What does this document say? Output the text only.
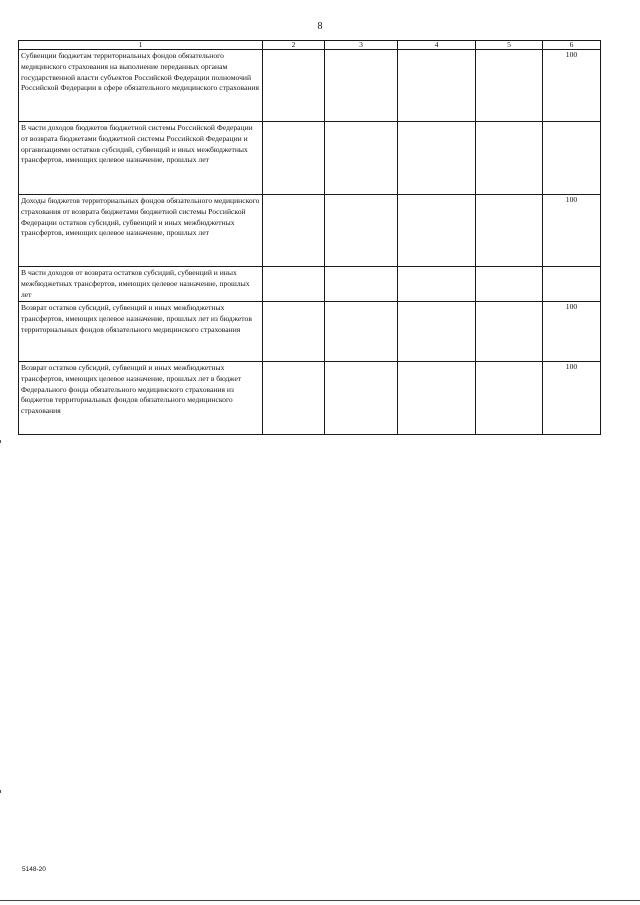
8
1	2	3	4	5	6
Субвенции бюджетам территориальных фондов обязательного медицинского страхования на выполнение переданных органам государственной власти субъектов Российской Федерации полномочий Российской Федерации в сфере обязательного медицинского страхования					100
В части доходов бюджетов бюджетной системы Российской Федерации от возврата бюджетами бюджетной системы Российской Федерации и организациями остатков субсидий, субвенций и иных межбюджетных трансфертов, имеющих целевое назначение, прошлых лет					
Доходы бюджетов территориальных фондов обязательного медицинского страхования от возврата бюджетами бюджетной системы Российской Федерации остатков субсидий, субвенций и иных межбюджетных трансфертов, имеющих целевое назначение, прошлых лет					100
В части доходов от возврата остатков субсидий, субвенций и иных межбюджетных трансфертов, имеющих целевое назначение, прошлых лет					
Возврат остатков субсидий, субвенций и иных межбюджетных трансфертов, имеющих целевое назначение, прошлых лет из бюджетов территориальных фондов обязательного медицинского страхования					100
Возврат остатков субсидий, субвенций и иных межбюджетных трансфертов, имеющих целевое назначение, прошлых лет в бюджет Федерального фонда обязательного медицинского страхования из бюджетов территориальных фондов обязательного медицинского страхования					100
5148-20
